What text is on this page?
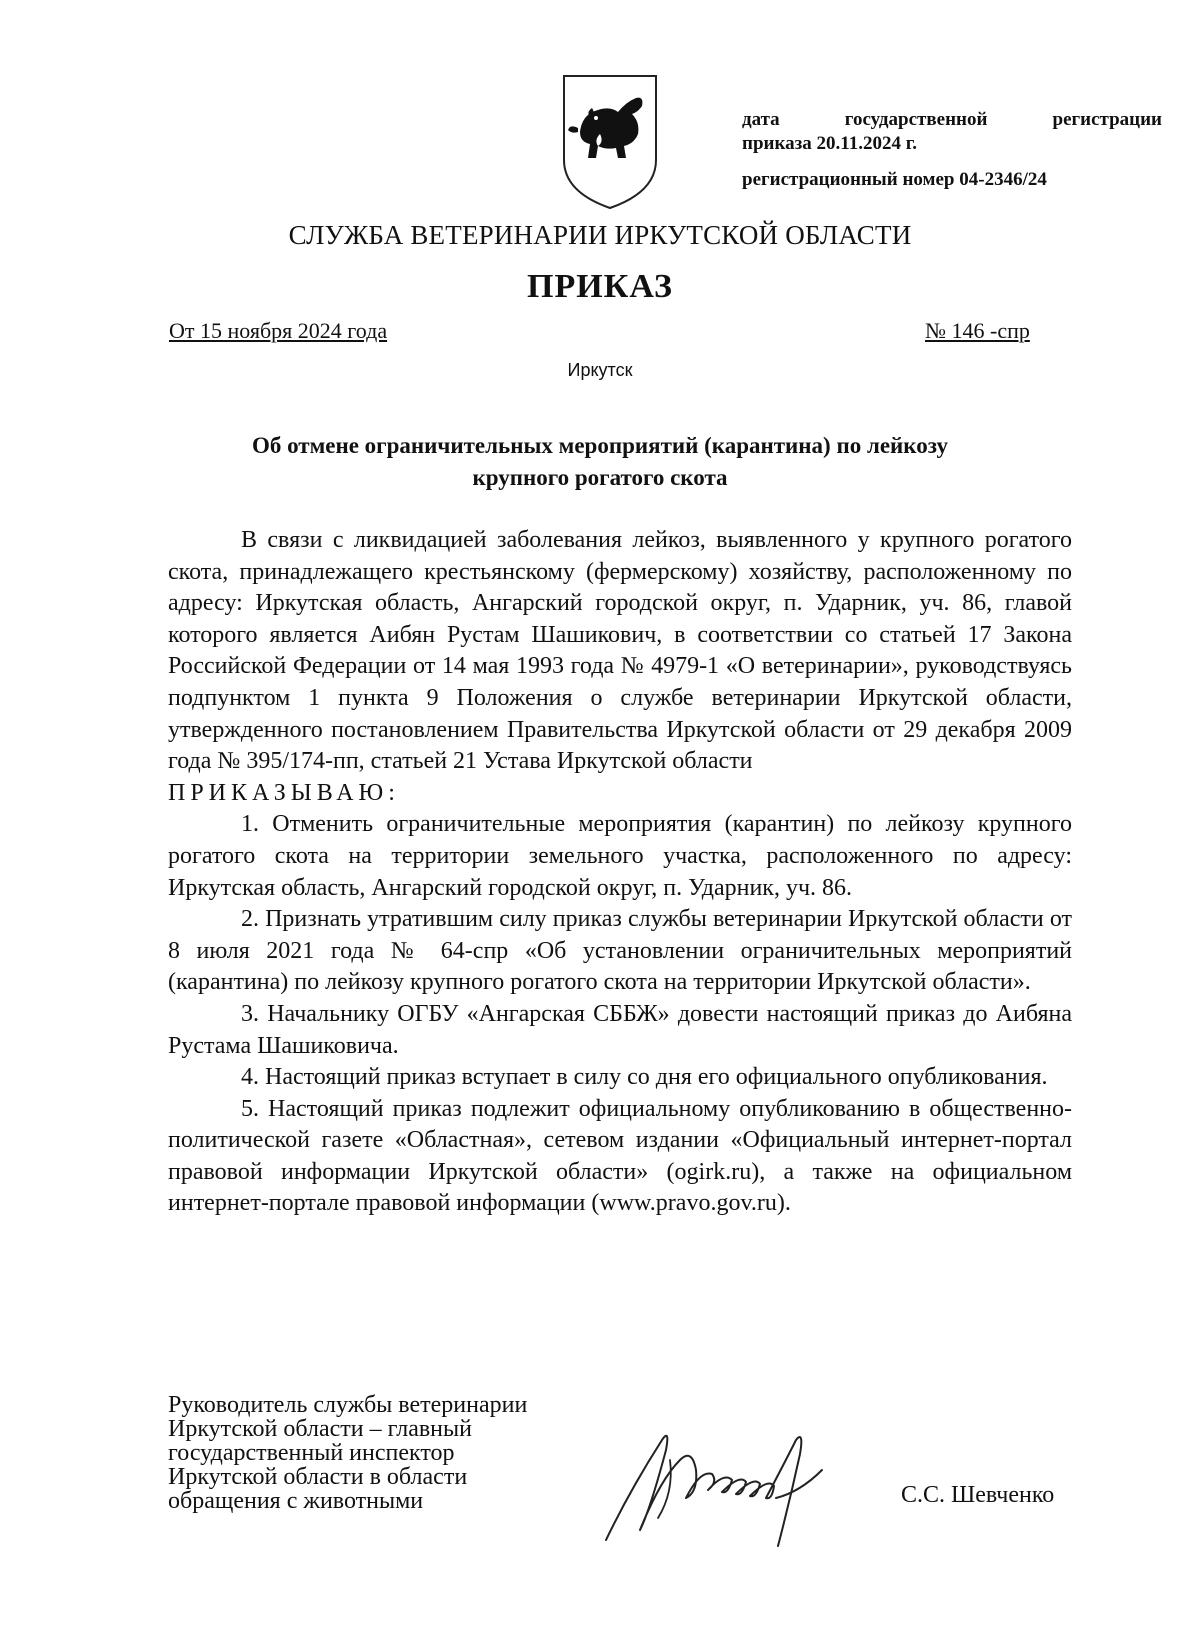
дата государственной регистрации
приказа 20.11.2024 г.
регистрационный номер 04-2346/24
СЛУЖБА ВЕТЕРИНАРИИ ИРКУТСКОЙ ОБЛАСТИ
ПРИКАЗ
От 15 ноября 2024 года	№ 146 -спр
Иркутск
Об отмене ограничительных мероприятий (карантина) по лейкозу
крупного рогатого скота

В связи с ликвидацией заболевания лейкоз, выявленного у крупного рогатого скота, принадлежащего крестьянскому (фермерскому) хозяйству, расположенному по адресу: Иркутская область, Ангарский городской округ, п. Ударник, уч. 86, главой которого является Аибян Рустам Шашикович, в соответствии со статьей 17 Закона Российской Федерации от 14 мая 1993 года № 4979-1 «О ветеринарии», руководствуясь подпунктом 1 пункта 9 Положения о службе ветеринарии Иркутской области, утвержденного постановлением Правительства Иркутской области от 29 декабря 2009 года № 395/174-пп, статьей 21 Устава Иркутской области

ПРИКАЗЫВАЮ:

1. Отменить ограничительные мероприятия (карантин) по лейкозу крупного рогатого скота на территории земельного участка, расположенного по адресу: Иркутская область, Ангарский городской округ, п. Ударник, уч. 86.

2. Признать утратившим силу приказ службы ветеринарии Иркутской области от 8 июля 2021 года № 64-спр «Об установлении ограничительных мероприятий (карантина) по лейкозу крупного рогатого скота на территории Иркутской области».

3. Начальнику ОГБУ «Ангарская СББЖ» довести настоящий приказ до Аибяна Рустама Шашиковича.

4. Настоящий приказ вступает в силу со дня его официального опубликования.

5. Настоящий приказ подлежит официальному опубликованию в общественно-политической газете «Областная», сетевом издании «Официальный интернет-портал правовой информации Иркутской области» (ogirk.ru), а также на официальном интернет-портале правовой информации (www.pravo.gov.ru).

Руководитель службы ветеринарии
Иркутской области – главный
государственный инспектор
Иркутской области в области
обращения с животными	С.С. Шевченко
